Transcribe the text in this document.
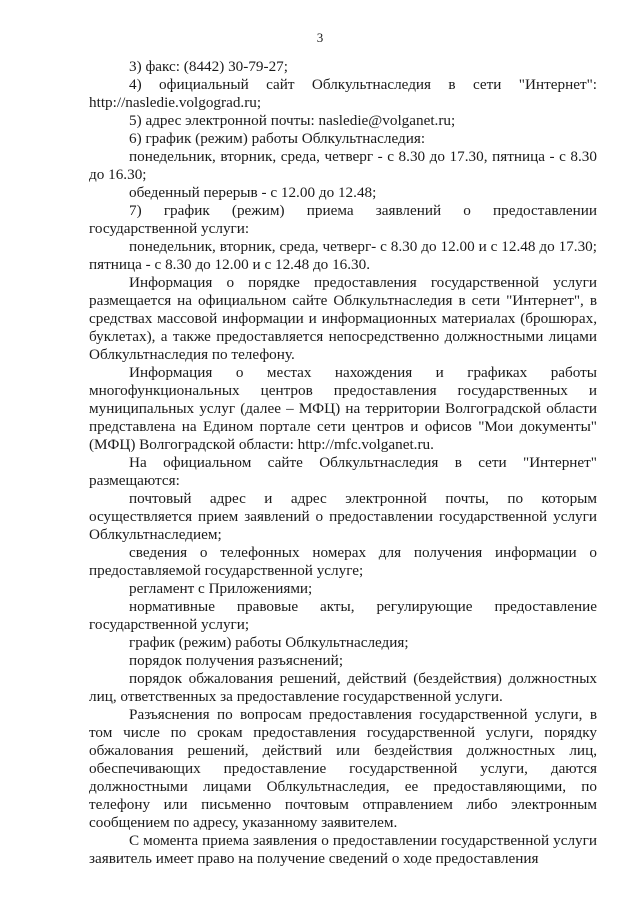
3

3) факс: (8442) 30-79-27;

4) официальный сайт Облкультнаследия в сети "Интернет": http://nasledie.volgograd.ru;

5) адрес электронной почты: nasledie@volganet.ru;

6) график (режим) работы Облкультнаследия:

понедельник, вторник, среда, четверг - с 8.30 до 17.30, пятница - с 8.30 до 16.30;

обеденный перерыв - с 12.00 до 12.48;

7) график (режим) приема заявлений о предоставлении государственной услуги:

понедельник, вторник, среда, четверг- с 8.30 до 12.00 и с 12.48 до 17.30; пятница - с 8.30 до 12.00 и с 12.48 до 16.30.

Информация о порядке предоставления государственной услуги размещается на официальном сайте Облкультнаследия в сети "Интернет", в средствах массовой информации и информационных материалах (брошюрах, буклетах), а также предоставляется непосредственно должностными лицами Облкультнаследия по телефону.

Информация о местах нахождения и графиках работы многофункциональных центров предоставления государственных и муниципальных услуг (далее – МФЦ) на территории Волгоградской области представлена на Едином портале сети центров и офисов "Мои документы" (МФЦ) Волгоградской области: http://mfc.volganet.ru.

На официальном сайте Облкультнаследия в сети "Интернет" размещаются:

почтовый адрес и адрес электронной почты, по которым осуществляется прием заявлений о предоставлении государственной услуги Облкультнаследием;

сведения о телефонных номерах для получения информации о предоставляемой государственной услуге;

регламент с Приложениями;

нормативные правовые акты, регулирующие предоставление государственной услуги;

график (режим) работы Облкультнаследия;

порядок получения разъяснений;

порядок обжалования решений, действий (бездействия) должностных лиц, ответственных за предоставление государственной услуги.

Разъяснения по вопросам предоставления государственной услуги, в том числе по срокам предоставления государственной услуги, порядку обжалования решений, действий или бездействия должностных лиц, обеспечивающих предоставление государственной услуги, даются должностными лицами Облкультнаследия, ее предоставляющими, по телефону или письменно почтовым отправлением либо электронным сообщением по адресу, указанному заявителем.

С момента приема заявления о предоставлении государственной услуги заявитель имеет право на получение сведений о ходе предоставления
